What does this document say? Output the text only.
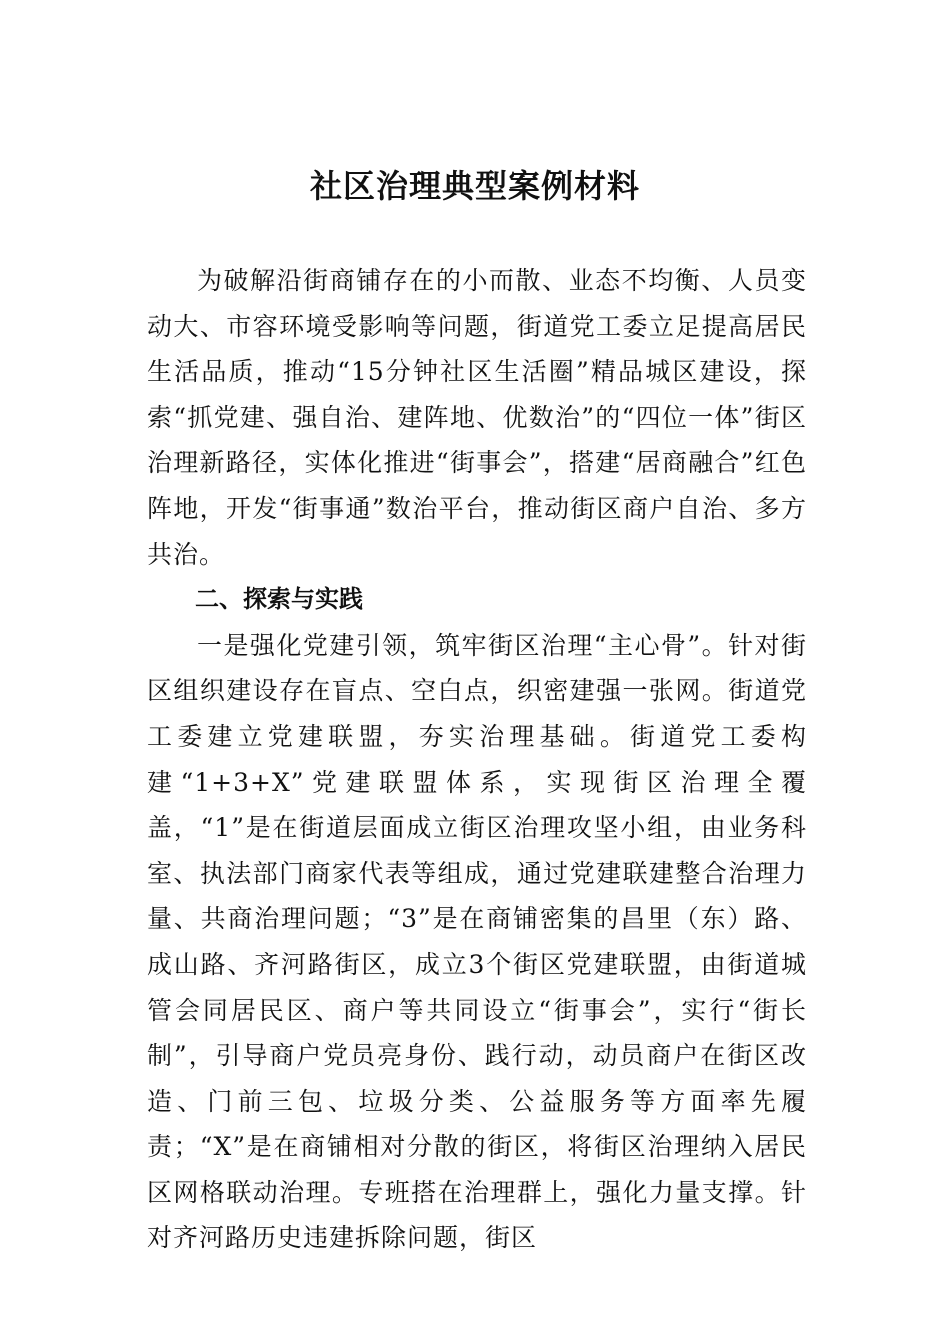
社区治理典型案例材料

为破解沿街商铺存在的小而散、业态不均衡、人员变动大、市容环境受影响等问题，街道党工委立足提高居民生活品质，推动“15分钟社区生活圈”精品城区建设，探索“抓党建、强自治、建阵地、优数治”的“四位一体”街区治理新路径，实体化推进“街事会”，搭建“居商融合”红色阵地，开发“街事通”数治平台，推动街区商户自治、多方共治。

二、探索与实践

一是强化党建引领，筑牢街区治理“主心骨”。针对街区组织建设存在盲点、空白点，织密建强一张网。街道党工委建立党建联盟，夯实治理基础。街道党工委构建“1+3+X”党建联盟体系，实现街区治理全覆盖，“1”是在街道层面成立街区治理攻坚小组，由业务科室、执法部门商家代表等组成，通过党建联建整合治理力量、共商治理问题；“3”是在商铺密集的昌里（东）路、成山路、齐河路街区，成立3个街区党建联盟，由街道城管会同居民区、商户等共同设立“街事会”，实行“街长制”，引导商户党员亮身份、践行动，动员商户在街区改造、门前三包、垃圾分类、公益服务等方面率先履责；“X”是在商铺相对分散的街区，将街区治理纳入居民区网格联动治理。专班搭在治理群上，强化力量支撑。针对齐河路历史违建拆除问题，街区
